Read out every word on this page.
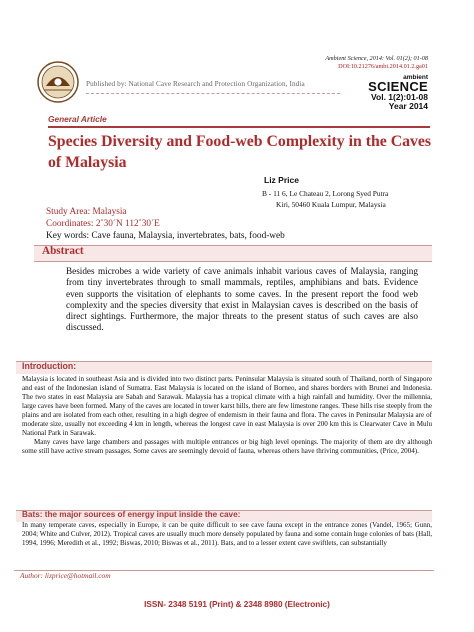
Published by: National Cave Research and Protection Organization, India
Ambient Science, 2014: Vol. 01(2); 01-08
DOI:10.21276/ambi.2014.01.2.ga01
ambient
SCIENCE
Vol. 1(2):01-08
Year 2014
General Article
Species Diversity and Food-web Complexity in the Caves of Malaysia
Liz Price
B - 11 6, Le Chateau 2, Lorong Syed Putra
Kiri, 50460 Kuala Lumpur, Malaysia
Study Area: Malaysia
Coordinates: 2˚30´N 112˚30´E
Key words: Cave fauna, Malaysia, invertebrates, bats, food-web
Abstract
Besides microbes a wide variety of cave animals inhabit various caves of Malaysia, ranging from tiny invertebrates through to small mammals, reptiles, amphibians and bats. Evidence even supports the visitation of elephants to some caves. In the present report the food web complexity and the species diversity that exist in Malaysian caves is described on the basis of direct sightings. Furthermore, the major threats to the present status of such caves are also discussed.
Introduction:

Malaysia is located in southeast Asia and is divided into two distinct parts. Peninsular Malaysia is situated south of Thailand, north of Singapore and east of the Indonesian island of Sumatra. East Malaysia is located on the island of Borneo, and shares borders with Brunei and Indonesia. The two states in east Malaysia are Sabah and Sarawak. Malaysia has a tropical climate with a high rainfall and humidity. Over the millennia, large caves have been formed. Many of the caves are located in tower karst hills, there are few limestone ranges. These hills rise steeply from the plains and are isolated from each other, resulting in a high degree of endemism in their fauna and flora. The caves in Peninsular Malaysia are of moderate size, usually not exceeding 4 km in length, whereas the longest cave in east Malaysia is over 200 km this is Clearwater Cave in Mulu National Park in Sarawak.

Many caves have large chambers and passages with multiple entrances or big high level openings. The majority of them are dry although some still have active stream passages. Some caves are seemingly devoid of fauna, whereas others have thriving communities, (Price, 2004).

Bats: the major sources of energy input inside the cave:
In many temperate caves, especially in Europe, it can be quite difficult to see cave fauna except in the entrance zones (Vandel, 1965; Gunn, 2004; White and Culver, 2012). Tropical caves are usually much more densely populated by fauna and some contain huge colonies of bats (Hall, 1994, 1996; Meredith et al., 1992; Biswas, 2010; Biswas et al., 2011). Bats, and to a lesser extent cave swiftlets, can substantially
Author: lizprice@hotmail.com
ISSN- 2348 5191 (Print) & 2348 8980 (Electronic)
